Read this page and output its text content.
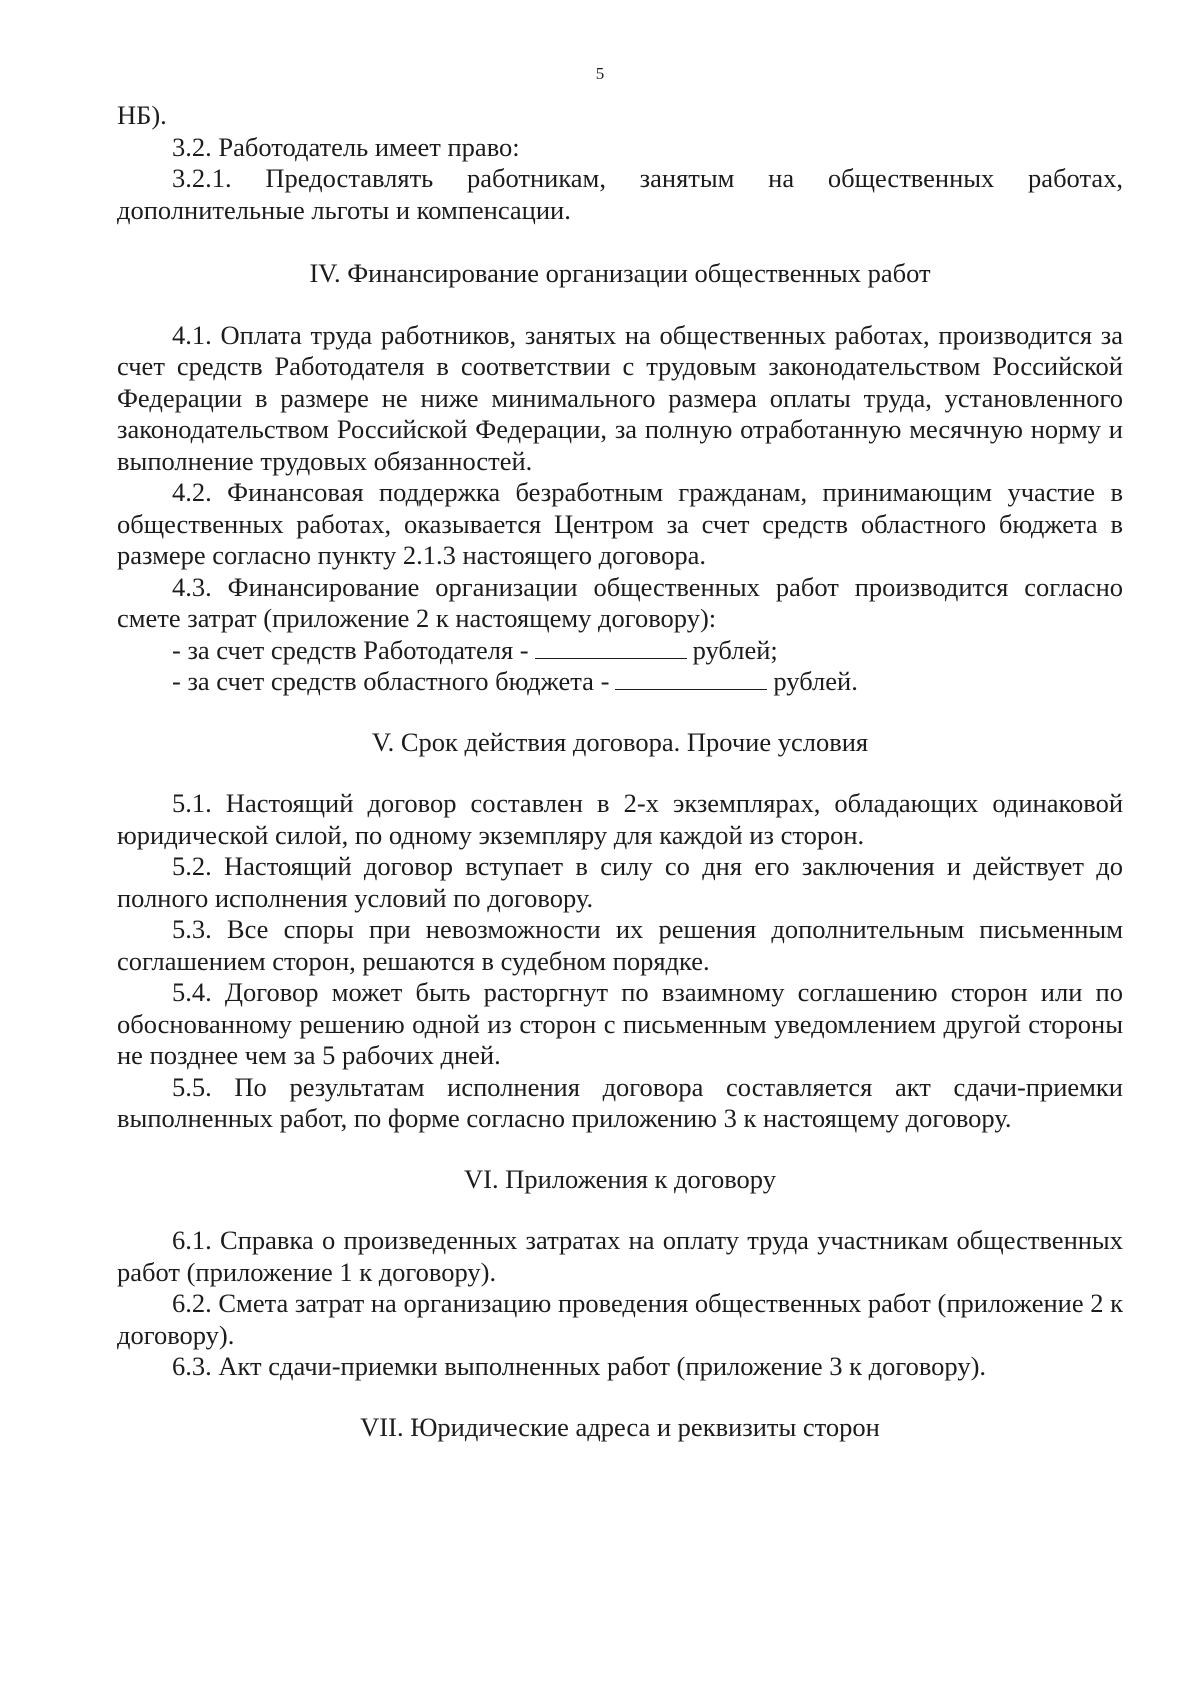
5

НБ).

3.2. Работодатель имеет право:

3.2.1. Предоставлять работникам, занятым на общественных работах, дополнительные льготы и компенсации.

IV. Финансирование организации общественных работ

4.1. Оплата труда работников, занятых на общественных работах, производится за счет средств Работодателя в соответствии с трудовым законодательством Российской Федерации в размере не ниже минимального размера оплаты труда, установленного законодательством Российской Федерации, за полную отработанную месячную норму и выполнение трудовых обязанностей.

4.2. Финансовая поддержка безработным гражданам, принимающим участие в общественных работах, оказывается Центром за счет средств областного бюджета в размере согласно пункту 2.1.3 настоящего договора.

4.3. Финансирование организации общественных работ производится согласно смете затрат (приложение 2 к настоящему договору):

- за счет средств Работодателя -	рублей;

- за счет средств областного бюджета -	рублей.

V. Срок действия договора. Прочие условия

5.1. Настоящий договор составлен в 2-х экземплярах, обладающих одинаковой юридической силой, по одному экземпляру для каждой из сторон.

5.2. Настоящий договор вступает в силу со дня его заключения и действует до полного исполнения условий по договору.

5.3. Все споры при невозможности их решения дополнительным письменным соглашением сторон, решаются в судебном порядке.

5.4. Договор может быть расторгнут по взаимному соглашению сторон или по обоснованному решению одной из сторон с письменным уведомлением другой стороны не позднее чем за 5 рабочих дней.

5.5. По результатам исполнения договора составляется акт сдачи-приемки выполненных работ, по форме согласно приложению 3 к настоящему договору.

VI. Приложения к договору

6.1. Справка о произведенных затратах на оплату труда участникам общественных работ (приложение 1 к договору).

6.2. Смета затрат на организацию проведения общественных работ (приложение 2 к договору).

6.3. Акт сдачи-приемки выполненных работ (приложение 3 к договору).

VII. Юридические адреса и реквизиты сторон
